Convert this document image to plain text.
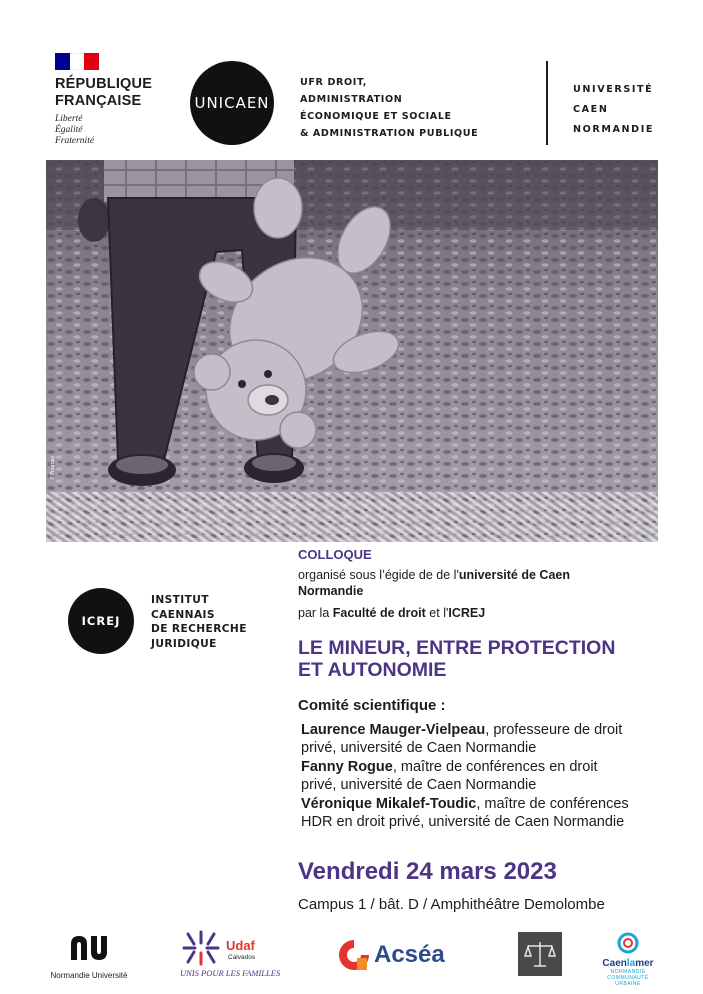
RÉPUBLIQUE
FRANÇAISE
Liberté
Égalité
Fraternité
UNICAEN
UFR DROIT,
ADMINISTRATION
ÉCONOMIQUE ET SOCIALE
& ADMINISTRATION PUBLIQUE
UNIVERSITÉ
CAEN
NORMANDIE
©Pixabay
ICREJ
INSTITUT
CAENNAIS
DE RECHERCHE
JURIDIQUE
COLLOQUE
organisé sous l’égide de de l'université de Caen Normandie
par la Faculté de droit et l'ICREJ
LE MINEUR, ENTRE PROTECTION
ET AUTONOMIE
Comité scientifique :
Laurence Mauger-Vielpeau, professeure de droit
privé, université de Caen Normandie
Fanny Rogue, maître de conférences en droit
privé, université de Caen Normandie
Véronique Mikalef-Toudic, maître de conférences
HDR en droit privé, université de Caen Normandie
Vendredi 24 mars 2023
Campus 1 / bât. D / Amphithéâtre Demolombe
Normandie Université
Udaf
Calvados
UNIS POUR LES FAMILLES
Acséa	Caenlamer
NORMANDIE
COMMUNAUTÉ URBAINE
